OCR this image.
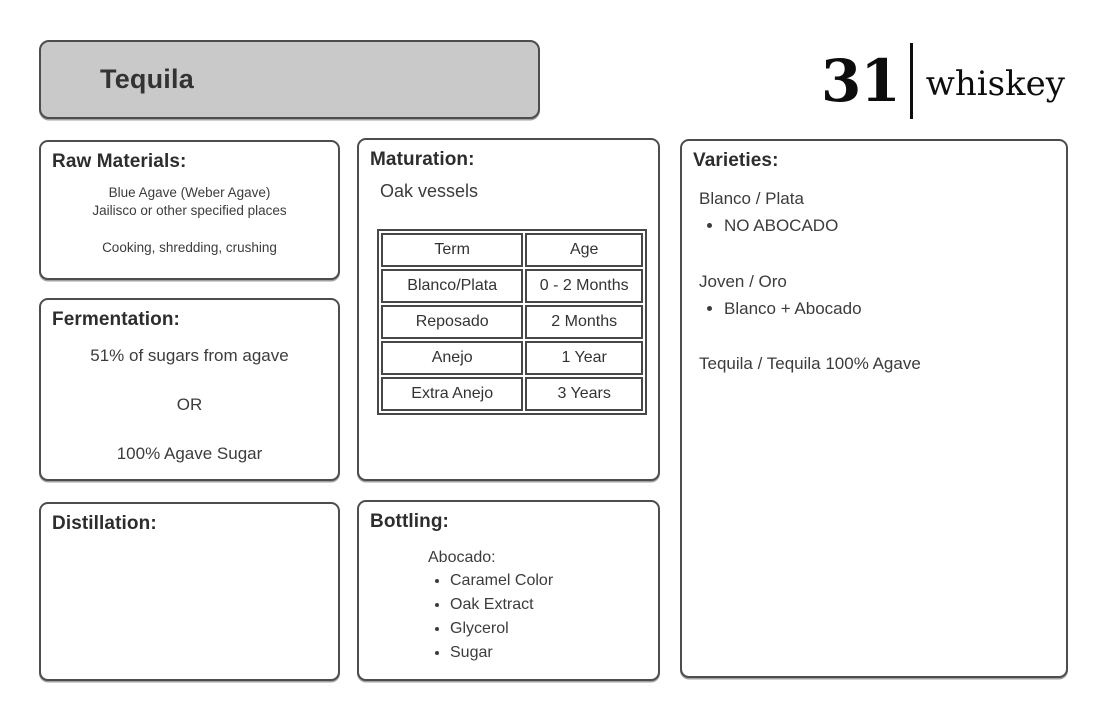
Tequila	31 whiskey
Raw Materials:
Blue Agave (Weber Agave)
Jailisco or other specified places
Cooking, shredding, crushing
Fermentation:
51% of sugars from agave
OR
100% Agave Sugar
Distillation:
Maturation:
Oak vessels
Term	Age
Blanco/Plata	0 - 2 Months
Reposado	2 Months
Anejo	1 Year
Extra Anejo	3 Years
Bottling:
Abocado:
• Caramel Color
• Oak Extract
• Glycerol
• Sugar
Varieties:
Blanco / Plata
• NO ABOCADO
Joven / Oro
• Blanco + Abocado
Tequila / Tequila 100% Agave
